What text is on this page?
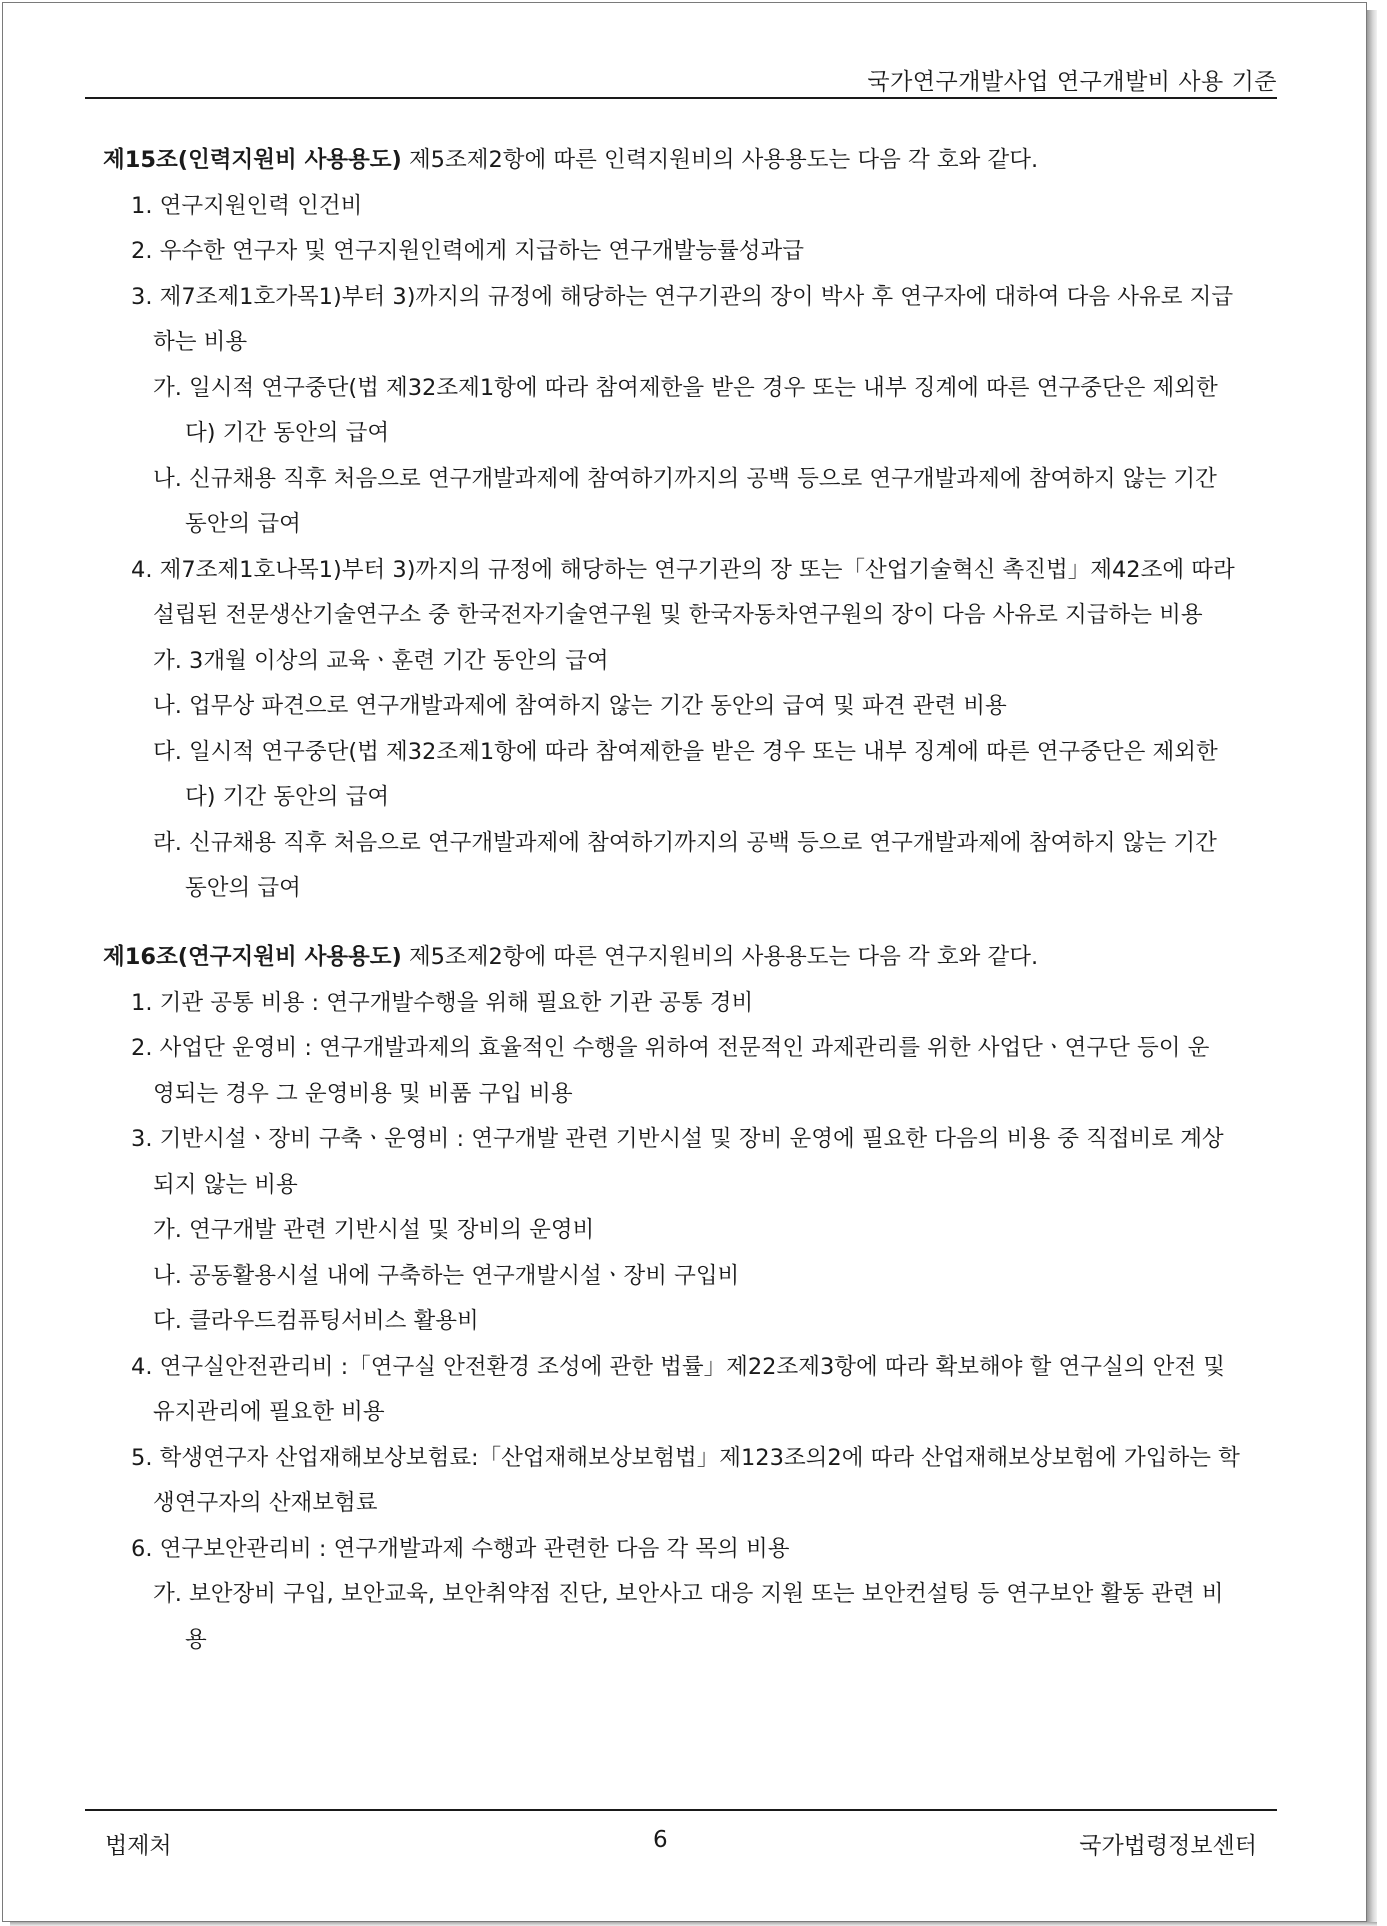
국가연구개발사업 연구개발비 사용 기준
제15조(인력지원비 사용용도) 제5조제2항에 따른 인력지원비의 사용용도는 다음 각 호와 같다.
1. 연구지원인력 인건비
2. 우수한 연구자 및 연구지원인력에게 지급하는 연구개발능률성과급
3. 제7조제1호가목1)부터 3)까지의 규정에 해당하는 연구기관의 장이 박사 후 연구자에 대하여 다음 사유로 지급
하는 비용
가. 일시적 연구중단(법 제32조제1항에 따라 참여제한을 받은 경우 또는 내부 징계에 따른 연구중단은 제외한
다) 기간 동안의 급여
나. 신규채용 직후 처음으로 연구개발과제에 참여하기까지의 공백 등으로 연구개발과제에 참여하지 않는 기간
동안의 급여
4. 제7조제1호나목1)부터 3)까지의 규정에 해당하는 연구기관의 장 또는「산업기술혁신 촉진법」제42조에 따라
설립된 전문생산기술연구소 중 한국전자기술연구원 및 한국자동차연구원의 장이 다음 사유로 지급하는 비용
가. 3개월 이상의 교육ㆍ훈련 기간 동안의 급여
나. 업무상 파견으로 연구개발과제에 참여하지 않는 기간 동안의 급여 및 파견 관련 비용
다. 일시적 연구중단(법 제32조제1항에 따라 참여제한을 받은 경우 또는 내부 징계에 따른 연구중단은 제외한
다) 기간 동안의 급여
라. 신규채용 직후 처음으로 연구개발과제에 참여하기까지의 공백 등으로 연구개발과제에 참여하지 않는 기간
동안의 급여
제16조(연구지원비 사용용도) 제5조제2항에 따른 연구지원비의 사용용도는 다음 각 호와 같다.
1. 기관 공통 비용 : 연구개발수행을 위해 필요한 기관 공통 경비
2. 사업단 운영비 : 연구개발과제의 효율적인 수행을 위하여 전문적인 과제관리를 위한 사업단ㆍ연구단 등이 운
영되는 경우 그 운영비용 및 비품 구입 비용
3. 기반시설ㆍ장비 구축ㆍ운영비 : 연구개발 관련 기반시설 및 장비 운영에 필요한 다음의 비용 중 직접비로 계상
되지 않는 비용
가. 연구개발 관련 기반시설 및 장비의 운영비
나. 공동활용시설 내에 구축하는 연구개발시설ㆍ장비 구입비
다. 클라우드컴퓨팅서비스 활용비
4. 연구실안전관리비 :「연구실 안전환경 조성에 관한 법률」제22조제3항에 따라 확보해야 할 연구실의 안전 및
유지관리에 필요한 비용
5. 학생연구자 산업재해보상보험료:「산업재해보상보험법」제123조의2에 따라 산업재해보상보험에 가입하는 학
생연구자의 산재보험료
6. 연구보안관리비 : 연구개발과제 수행과 관련한 다음 각 목의 비용
가. 보안장비 구입, 보안교육, 보안취약점 진단, 보안사고 대응 지원 또는 보안컨설팅 등 연구보안 활동 관련 비
용
법제처	6	국가법령정보센터
